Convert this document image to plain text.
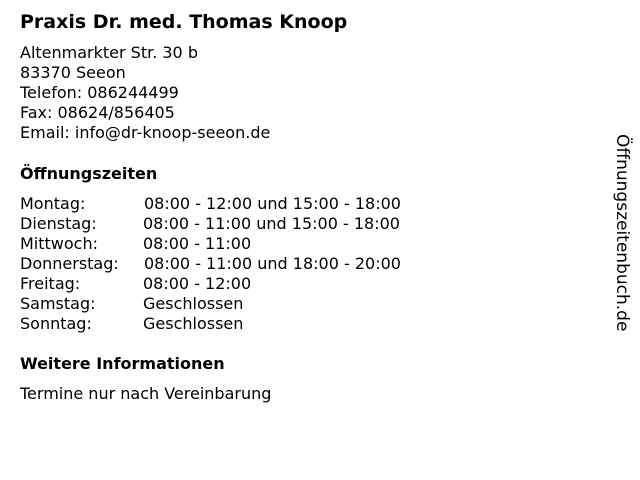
Praxis Dr. med. Thomas Knoop
Altenmarkter Str. 30 b
83370 Seeon
Telefon: 086244499
Fax: 08624/856405
Email: info@dr-knoop-seeon.de
Öffnungszeiten
Montag:	08:00 - 12:00 und 15:00 - 18:00
Dienstag:	08:00 - 11:00 und 15:00 - 18:00
Mittwoch:	08:00 - 11:00
Donnerstag: 08:00 - 11:00 und 18:00 - 20:00
Freitag:	08:00 - 12:00
Samstag:	Geschlossen
Sonntag:	Geschlossen
Weitere Informationen
Termine nur nach Vereinbarung
Öffnungszeitenbuch.de
